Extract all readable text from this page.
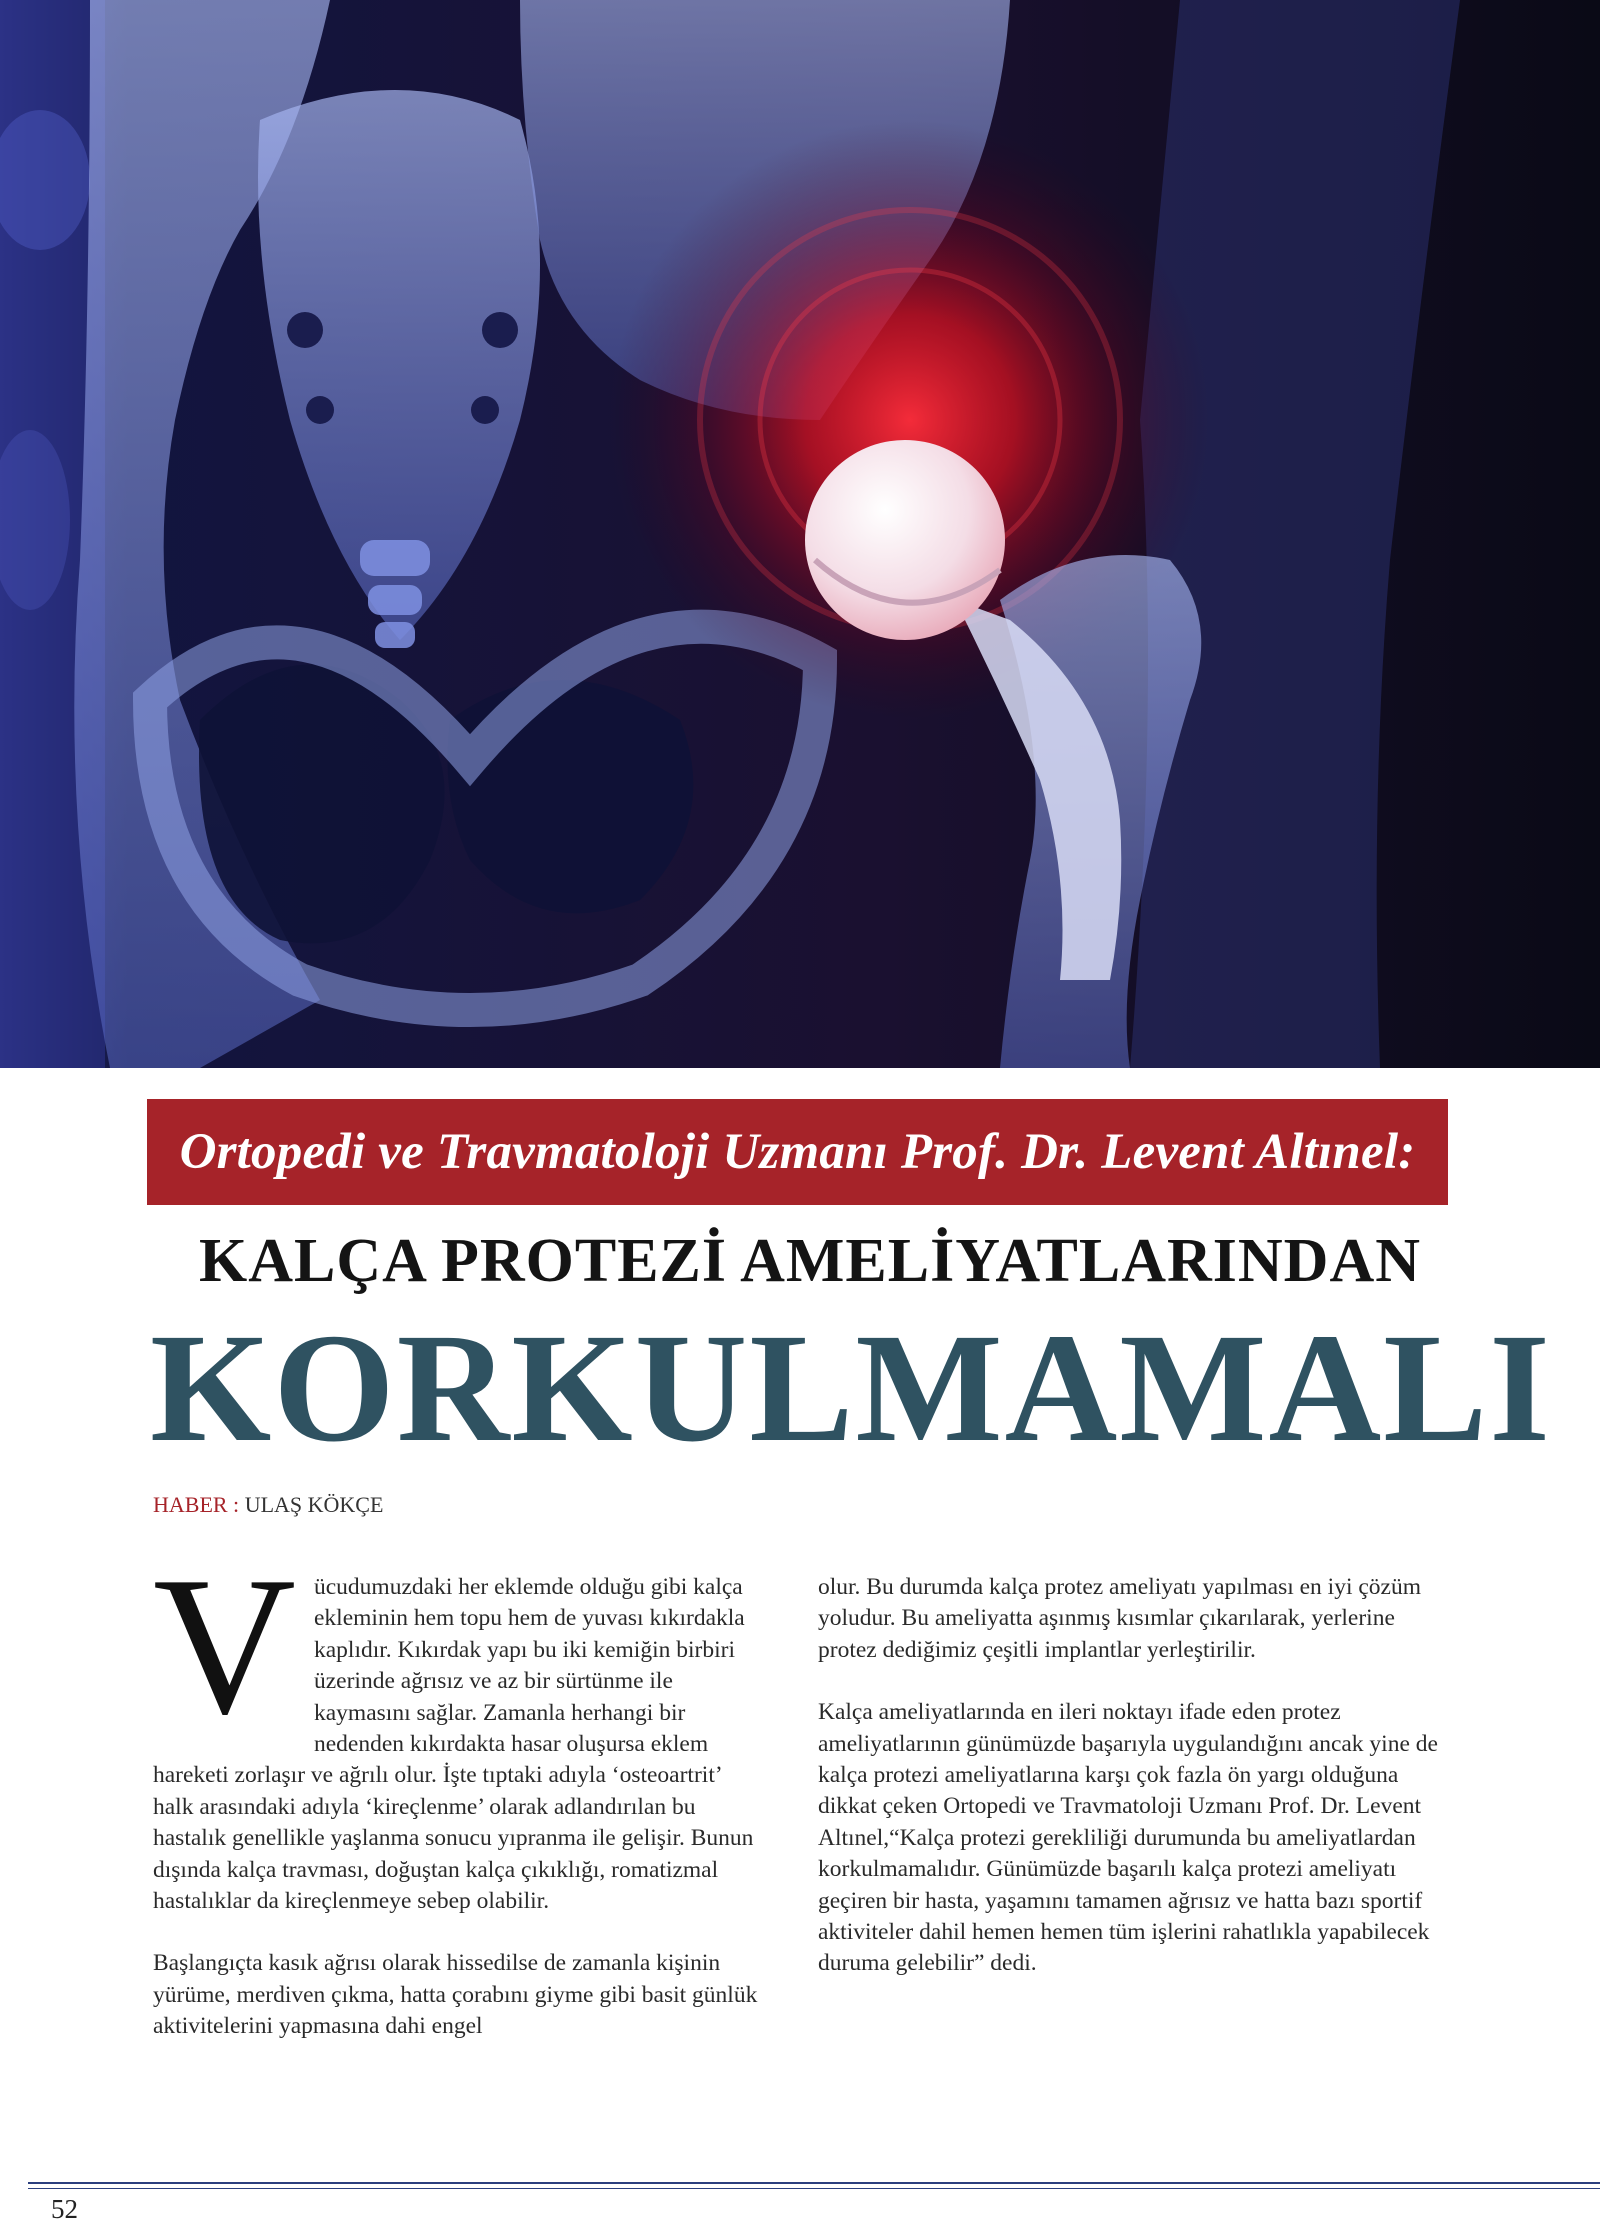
Ortopedi ve Travmatoloji Uzmanı Prof. Dr. Levent Altınel:
KALÇA PROTEZİ AMELİYATLARINDAN
KORKULMAMALI
HABER : ULAŞ KÖKÇE
V ücudumuzdaki her eklemde olduğu gibi kalça ekleminin hem topu hem de yuvası kıkırdakla kaplıdır. Kıkırdak yapı bu iki kemiğin birbiri üzerinde ağrısız ve az bir sürtünme ile kaymasını sağlar. Zamanla herhangi bir nedenden kıkırdakta hasar oluşursa eklem hareketi zorlaşır ve ağrılı olur. İşte tıptaki adıyla ‘osteoartrit’ halk arasındaki adıyla ‘kireçlenme’ olarak adlandırılan bu hastalık genellikle yaşlanma sonucu yıpranma ile gelişir. Bunun dışında kalça travması, doğuştan kalça çıkıklığı, romatizmal hastalıklar da kireçlenmeye sebep olabilir.

Başlangıçta kasık ağrısı olarak hissedilse de zamanla kişinin yürüme, merdiven çıkma, hatta çorabını giyme gibi basit günlük aktivitelerini yapmasına dahi engel

olur. Bu durumda kalça protez ameliyatı yapılması en iyi çözüm yoludur. Bu ameliyatta aşınmış kısımlar çıkarılarak, yerlerine protez dediğimiz çeşitli implantlar yerleştirilir.

Kalça ameliyatlarında en ileri noktayı ifade eden protez ameliyatlarının günümüzde başarıyla uygulandığını ancak yine de kalça protezi ameliyatlarına karşı çok fazla ön yargı olduğuna dikkat çeken Ortopedi ve Travmatoloji Uzmanı Prof. Dr. Levent Altınel,“Kalça protezi gerekliliği durumunda bu ameliyatlardan korkulmamalıdır. Günümüzde başarılı kalça protezi ameliyatı geçiren bir hasta, yaşamını tamamen ağrısız ve hatta bazı sportif aktiviteler dahil hemen hemen tüm işlerini rahatlıkla yapabilecek duruma gelebilir” dedi.

52
